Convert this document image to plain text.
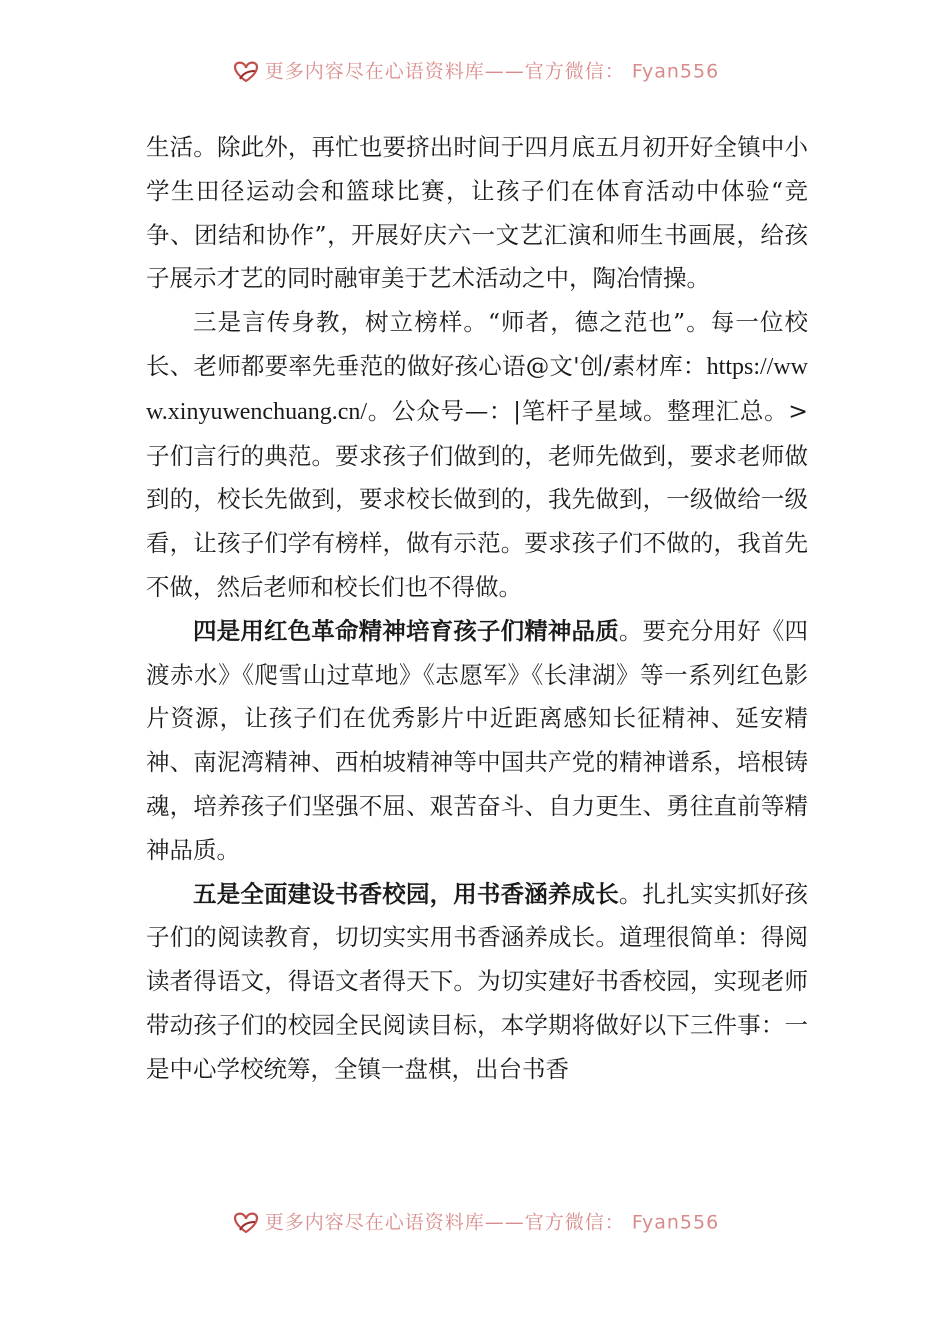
更多内容尽在心语资料库——官方微信： Fyan556

生活。除此外，再忙也要挤出时间于四月底五月初开好全镇中小学生田径运动会和篮球比赛，让孩子们在体育活动中体验“竞争、团结和协作”，开展好庆六一文艺汇演和师生书画展，给孩子展示才艺的同时融审美于艺术活动之中，陶冶情操。

三是言传身教，树立榜样。“师者，德之范也”。每一位校长、老师都要率先垂范的做好孩心语@文'创/素材库：https://www.xinyuwenchuang.cn/。公众号—：|笔杆子星域。整理汇总。>子们言行的典范。要求孩子们做到的，老师先做到，要求老师做到的，校长先做到，要求校长做到的，我先做到，一级做给一级看，让孩子们学有榜样，做有示范。要求孩子们不做的，我首先不做，然后老师和校长们也不得做。

四是用红色革命精神培育孩子们精神品质。要充分用好《四渡赤水》《爬雪山过草地》《志愿军》《长津湖》等一系列红色影片资源，让孩子们在优秀影片中近距离感知长征精神、延安精神、南泥湾精神、西柏坡精神等中国共产党的精神谱系，培根铸魂，培养孩子们坚强不屈、艰苦奋斗、自力更生、勇往直前等精神品质。

五是全面建设书香校园，用书香涵养成长。扎扎实实抓好孩子们的阅读教育，切切实实用书香涵养成长。道理很简单：得阅读者得语文，得语文者得天下。为切实建好书香校园，实现老师带动孩子们的校园全民阅读目标，本学期将做好以下三件事：一是中心学校统筹，全镇一盘棋，出台书香

更多内容尽在心语资料库——官方微信： Fyan556
